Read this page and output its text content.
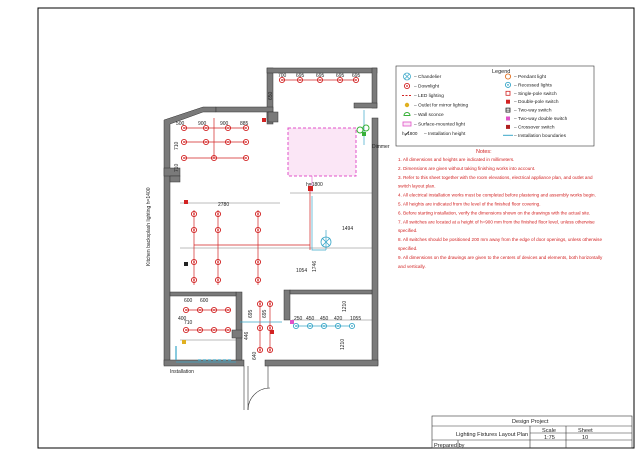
700 695 695 695 695
650
500	900	900 885
710
710
2780
1494
1746
600 600
400
710
250 450 450 420 1055
1210
1210
695 695
446
640
1054
h=1800
Dimmer
Kitchen backsplash lighting h=1400
Installation
Legend
– Chandelier
– Downlight
– LED lighting
– Outlet for mirror lighting
– Wall sconce
– Surface-mounted light
h=1800 – Installation height
– Pendant light
– Recessed lights
– Single-pole switch
– Double-pole switch
– Two-way switch
– Two-way double switch
– Crossover switch
– Installation boundaries
Notes:
1. All dimensions and heights are indicated in millimeters.
2. Dimensions are given without taking finishing works into account.
3. Refer to this sheet together with the room elevations, electrical appliance plan, and outlet and
switch layout plan.
4. All electrical installation works must be completed before plastering and assembly works begin.
5. All heights are indicated from the level of the finished floor covering.
6. Before starting installation, verify the dimensions shown on the drawings with the actual site.
7. All switches are located at a height of h=900 mm from the finished floor level, unless otherwise
specified.
8. All switches should be positioned 200 mm away from the edge of door openings, unless otherwise
specified.
9. All dimensions on the drawings are given to the centers of devices and elements, both horizontally
and vertically.
Design Project
Lighting Fixtures Layout Plan
Scale
1:75
Sheet
10
Prepared by
